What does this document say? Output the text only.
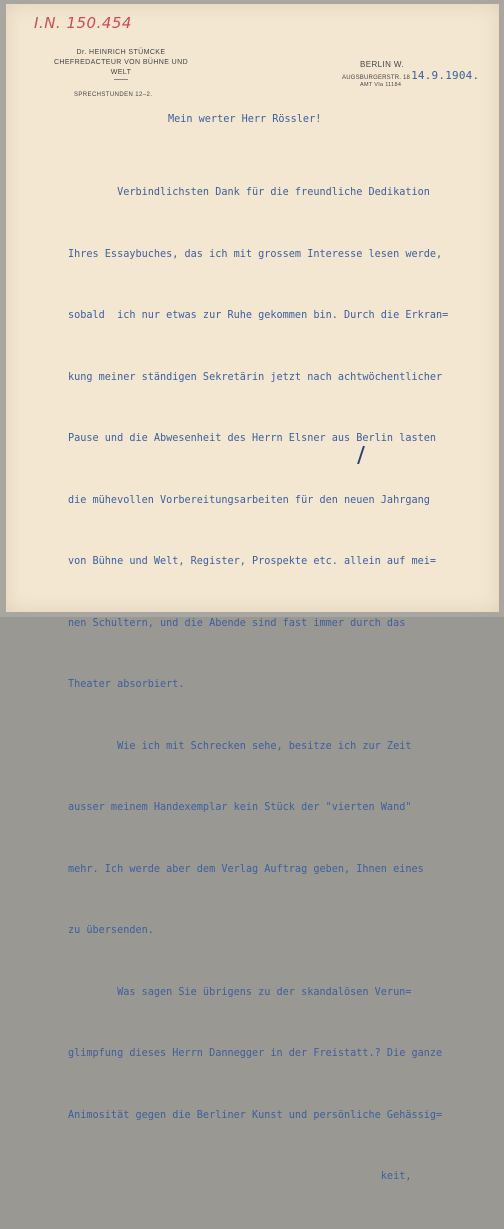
I.N. 150.454
Dr. HEINRICH STÜMCKE
CHEFREDACTEUR VON BÜHNE UND WELT
SPRECHSTUNDEN 12–2.
BERLIN W.
AUGSBURGERSTR. 1814.9.1904.
AMT VIa 11184
Mein werter Herr Rössler!

Verbindlichsten Dank für die freundliche Dedikation

Ihres Essaybuches, das ich mit grossem Interesse lesen werde,

sobald  ich nur etwas zur Ruhe gekommen bin. Durch die Erkran=

kung meiner ständigen Sekretärin jetzt nach achtwöchentlicher

Pause und die Abwesenheit des Herrn Elsner aus Berlin lasten

die mühevollen Vorbereitungsarbeiten für den neuen Jahrgang

von Bühne und Welt, Register, Prospekte etc. allein auf mei=

nen Schultern, und die Abende sind fast immer durch das

Theater absorbiert.

Wie ich mit Schrecken sehe, besitze ich zur Zeit

ausser meinem Handexemplar kein Stück der "vierten Wand"

mehr. Ich werde aber dem Verlag Auftrag geben, Ihnen eines

zu übersenden.

Was sagen Sie übrigens zu der skandalösen Verun=

glimpfung dieses Herrn Dannegger in der Freistatt.? Die ganze

Animosität gegen die Berliner Kunst und persönliche Gehässig=

keit,
